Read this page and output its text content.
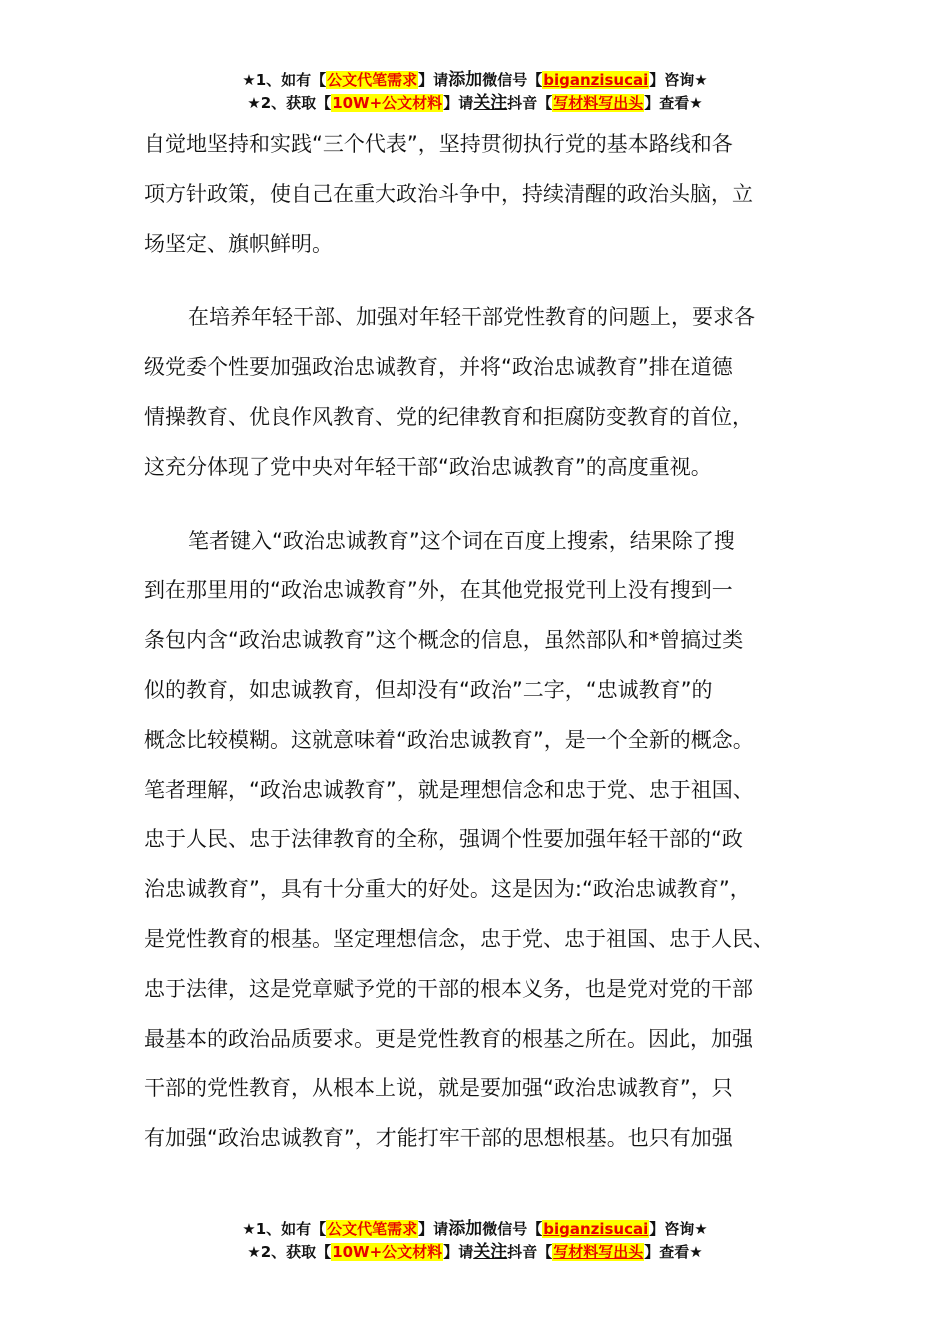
★1、如有【公文代笔需求】请添加微信号【biganzisucai】咨询★
★2、获取【10W+公文材料】请关注抖音【写材料写出头】查看★
自觉地坚持和实践“三个代表”，坚持贯彻执行党的基本路线和各
项方针政策，使自己在重大政治斗争中，持续清醒的政治头脑，立
场坚定、旗帜鲜明。
在培养年轻干部、加强对年轻干部党性教育的问题上，要求各
级党委个性要加强政治忠诚教育，并将“政治忠诚教育”排在道德
情操教育、优良作风教育、党的纪律教育和拒腐防变教育的首位，
这充分体现了党中央对年轻干部“政治忠诚教育”的高度重视。
笔者键入“政治忠诚教育”这个词在百度上搜索，结果除了搜
到在那里用的“政治忠诚教育”外，在其他党报党刊上没有搜到一
条包内含“政治忠诚教育”这个概念的信息，虽然部队和*曾搞过类
似的教育，如忠诚教育，但却没有“政治”二字，“忠诚教育”的
概念比较模糊。这就意味着“政治忠诚教育”，是一个全新的概念。
笔者理解，“政治忠诚教育”，就是理想信念和忠于党、忠于祖国、
忠于人民、忠于法律教育的全称，强调个性要加强年轻干部的“政
治忠诚教育”，具有十分重大的好处。这是因为:“政治忠诚教育”，
是党性教育的根基。坚定理想信念，忠于党、忠于祖国、忠于人民、
忠于法律，这是党章赋予党的干部的根本义务，也是党对党的干部
最基本的政治品质要求。更是党性教育的根基之所在。因此，加强
干部的党性教育，从根本上说，就是要加强“政治忠诚教育”，只
有加强“政治忠诚教育”，才能打牢干部的思想根基。也只有加强
★1、如有【公文代笔需求】请添加微信号【biganzisucai】咨询★
★2、获取【10W+公文材料】请关注抖音【写材料写出头】查看★
